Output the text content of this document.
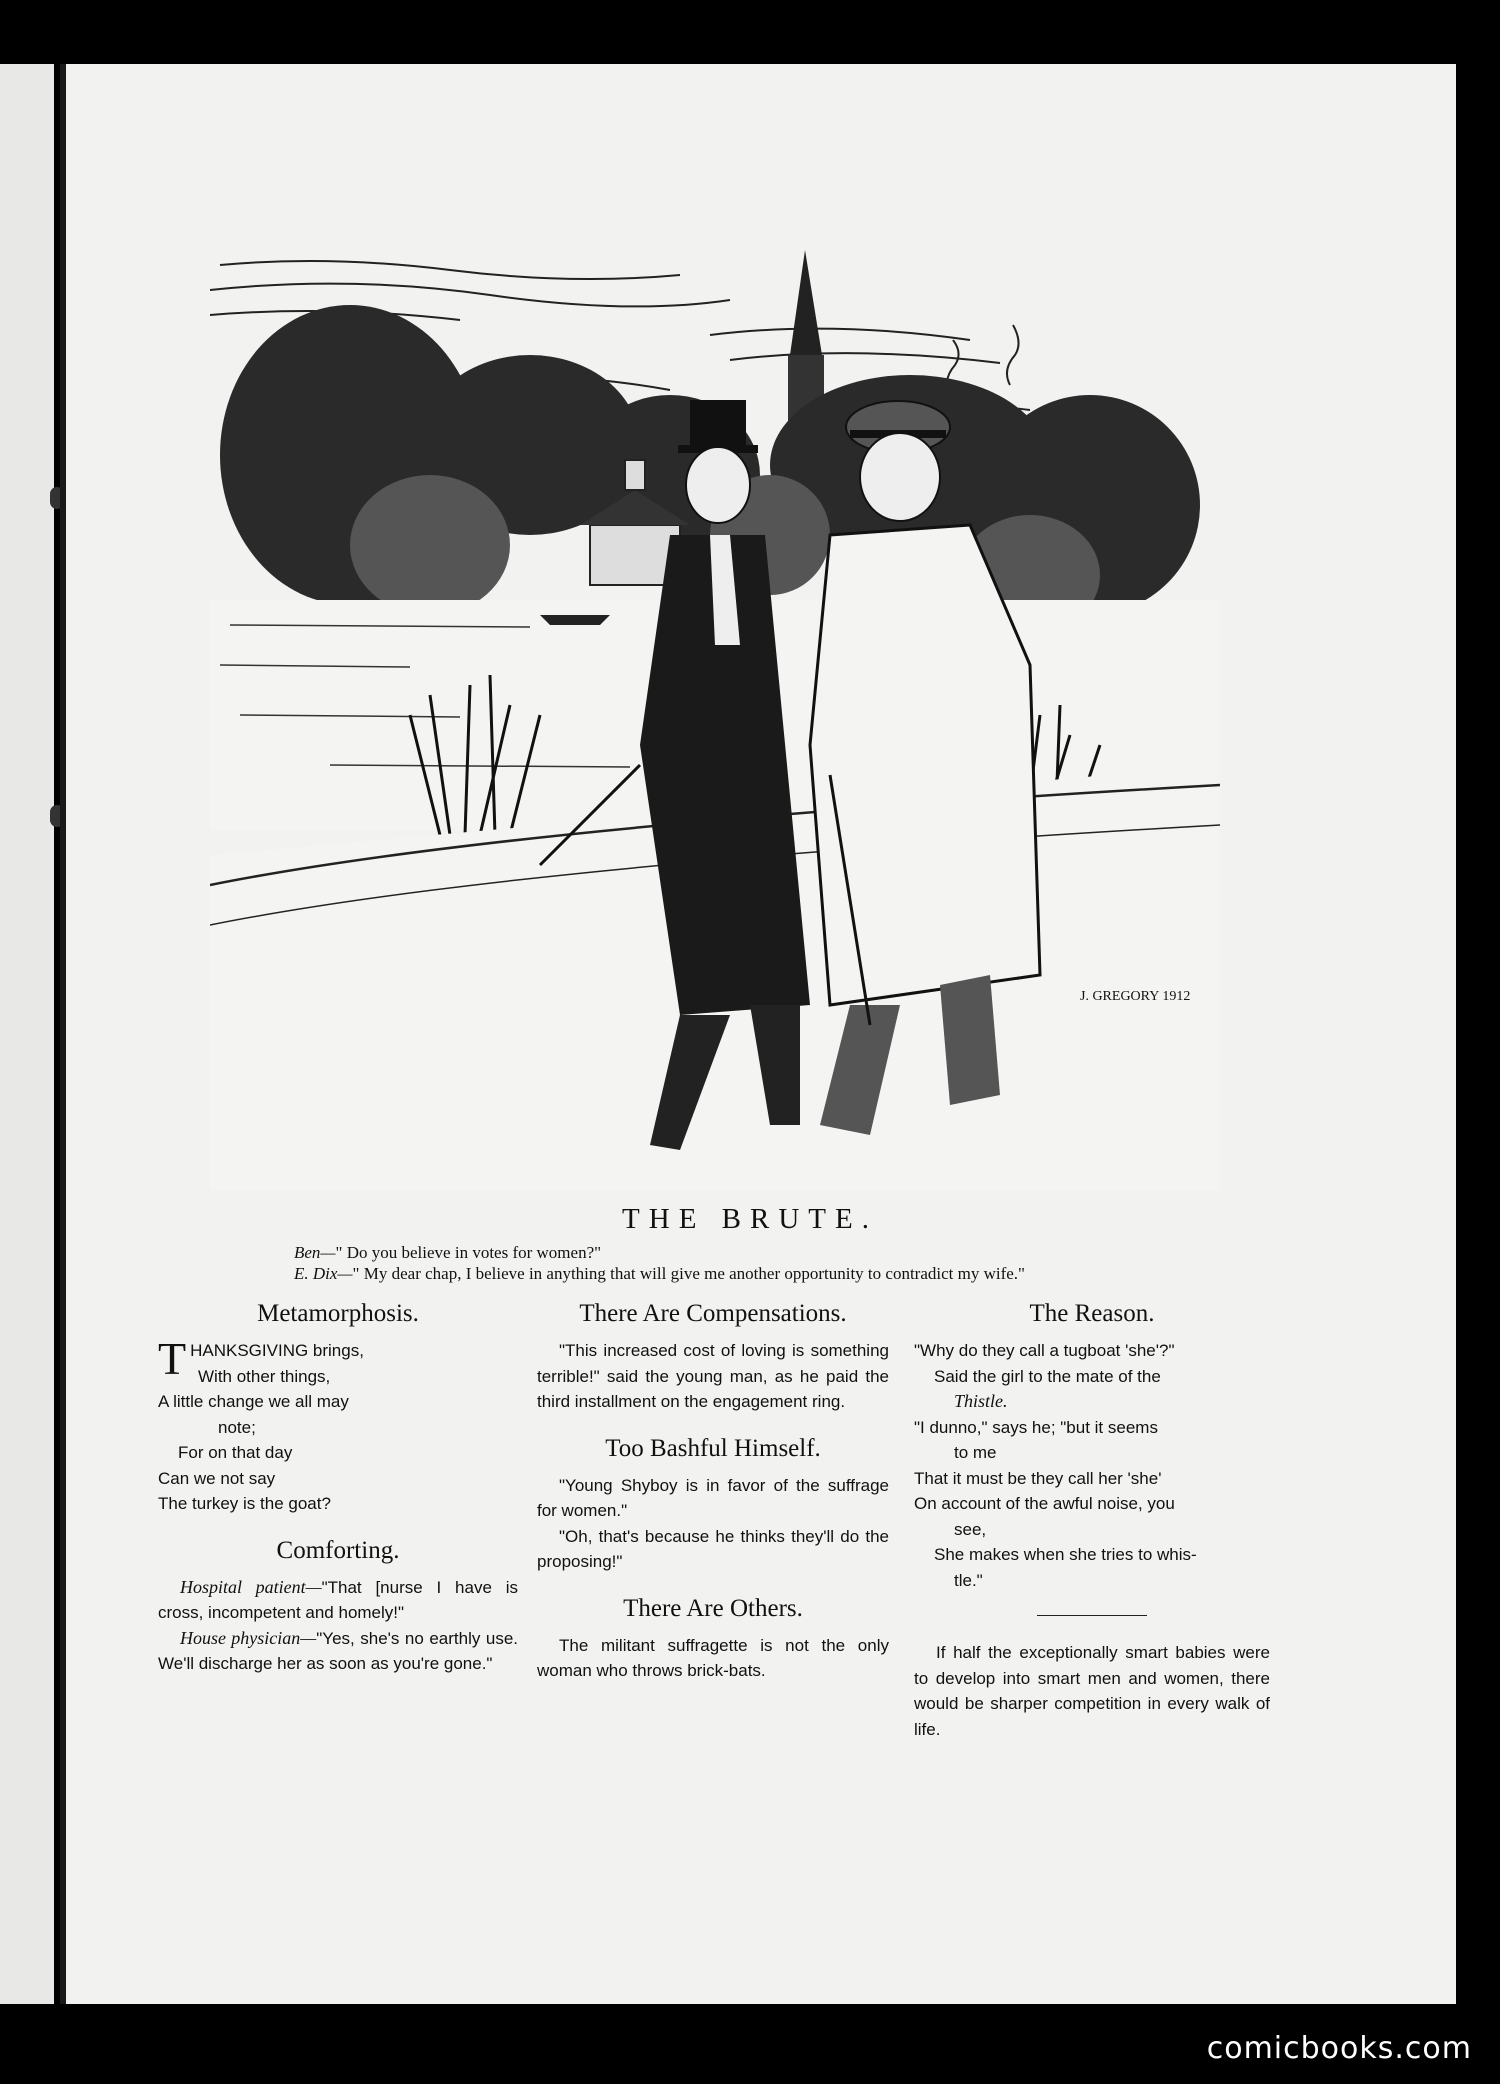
J. GREGORY 1912
THE BRUTE.
Ben—" Do you believe in votes for women?"
E. Dix—" My dear chap, I believe in anything that will give me another opportunity to contradict my wife."
Metamorphosis.
T HANKSGIVING brings,

With other things,

A little change we all may

note;

For on that day

Can we not say

The turkey is the goat?

Comforting.

Hospital patient—"That [nurse I have is cross, incompetent and homely!"

House physician—"Yes, she's no earthly use. We'll discharge her as soon as you're gone."

There Are Compensations.

"This increased cost of loving is something terrible!" said the young man, as he paid the third installment on the engagement ring.

Too Bashful Himself.

"Young Shyboy is in favor of the suffrage for women."

"Oh, that's because he thinks they'll do the proposing!"

There Are Others.

The militant suffragette is not the only woman who throws brick-bats.

The Reason.

"Why do they call a tugboat 'she'?"

Said the girl to the mate of the

Thistle.

"I dunno," says he; "but it seems

to me

That it must be they call her 'she'

On account of the awful noise, you

see,

She makes when she tries to whis-

tle."

If half the exceptionally smart babies were to develop into smart men and women, there would be sharper competition in every walk of life.

comicbooks.com
